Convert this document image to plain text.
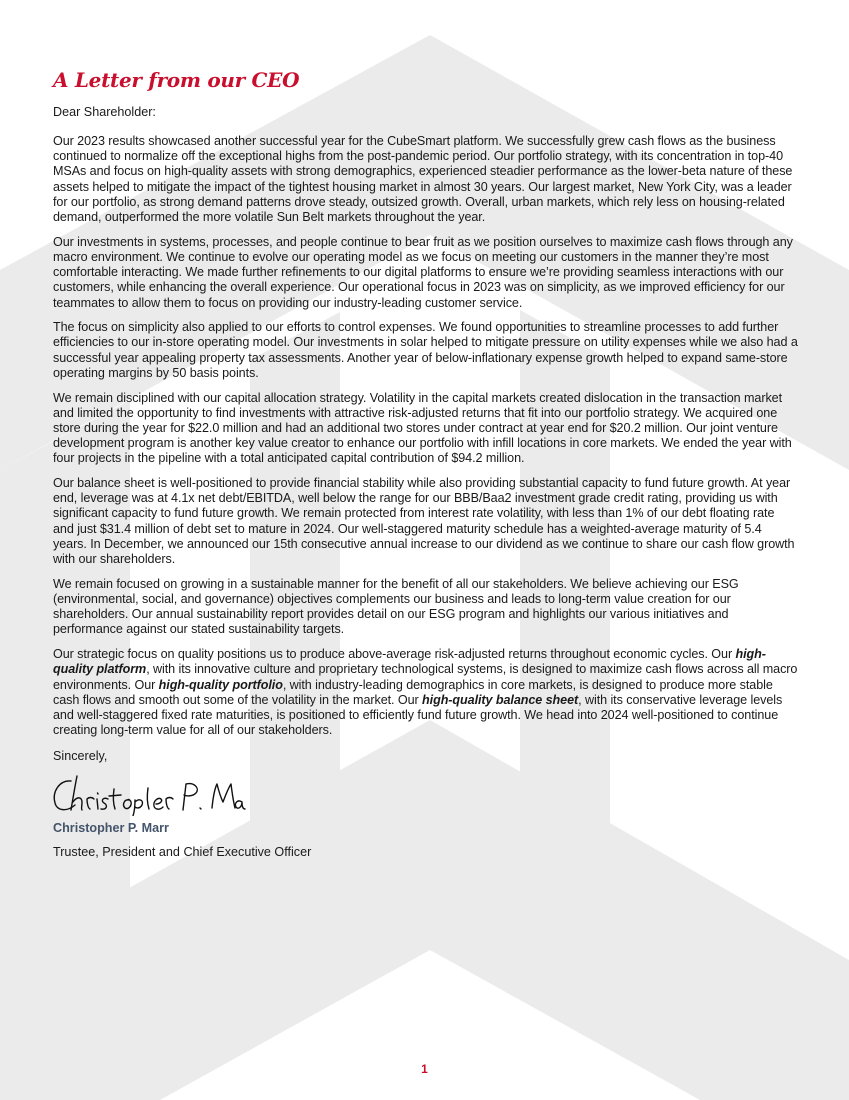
A Letter from our CEO

Dear Shareholder:

Our 2023 results showcased another successful year for the CubeSmart platform. We successfully grew cash flows as the business continued to normalize off the exceptional highs from the post-pandemic period. Our portfolio strategy, with its concentration in top-40 MSAs and focus on high-quality assets with strong demographics, experienced steadier performance as the lower-beta nature of these assets helped to mitigate the impact of the tightest housing market in almost 30 years. Our largest market, New York City, was a leader for our portfolio, as strong demand patterns drove steady, outsized growth. Overall, urban markets, which rely less on housing-related demand, outperformed the more volatile Sun Belt markets throughout the year.

Our investments in systems, processes, and people continue to bear fruit as we position ourselves to maximize cash flows through any macro environment. We continue to evolve our operating model as we focus on meeting our customers in the manner they’re most comfortable interacting. We made further refinements to our digital platforms to ensure we’re providing seamless interactions with our customers, while enhancing the overall experience. Our operational focus in 2023 was on simplicity, as we improved efficiency for our teammates to allow them to focus on providing our industry-leading customer service.

The focus on simplicity also applied to our efforts to control expenses. We found opportunities to streamline processes to add further efficiencies to our in-store operating model. Our investments in solar helped to mitigate pressure on utility expenses while we also had a successful year appealing property tax assessments. Another year of below-inflationary expense growth helped to expand same-store operating margins by 50 basis points.

We remain disciplined with our capital allocation strategy. Volatility in the capital markets created dislocation in the transaction market and limited the opportunity to find investments with attractive risk-adjusted returns that fit into our portfolio strategy. We acquired one store during the year for $22.0 million and had an additional two stores under contract at year end for $20.2 million. Our joint venture development program is another key value creator to enhance our portfolio with infill locations in core markets. We ended the year with four projects in the pipeline with a total anticipated capital contribution of $94.2 million.

Our balance sheet is well-positioned to provide financial stability while also providing substantial capacity to fund future growth. At year end, leverage was at 4.1x net debt/EBITDA, well below the range for our BBB/Baa2 investment grade credit rating, providing us with significant capacity to fund future growth. We remain protected from interest rate volatility, with less than 1% of our debt floating rate and just $31.4 million of debt set to mature in 2024. Our well-staggered maturity schedule has a weighted-average maturity of 5.4 years. In December, we announced our 15th consecutive annual increase to our dividend as we continue to share our cash flow growth with our shareholders.

We remain focused on growing in a sustainable manner for the benefit of all our stakeholders. We believe achieving our ESG (environmental, social, and governance) objectives complements our business and leads to long-term value creation for our shareholders. Our annual sustainability report provides detail on our ESG program and highlights our various initiatives and performance against our stated sustainability targets.

Our strategic focus on quality positions us to produce above-average risk-adjusted returns throughout economic cycles. Our high-quality platform, with its innovative culture and proprietary technological systems, is designed to maximize cash flows across all macro environments. Our high-quality portfolio, with industry-leading demographics in core markets, is designed to produce more stable cash flows and smooth out some of the volatility in the market. Our high-quality balance sheet, with its conservative leverage levels and well-staggered fixed rate maturities, is positioned to efficiently fund future growth. We head into 2024 well-positioned to continue creating long-term value for all of our stakeholders.

Sincerely,

Christopher P. Marr

Trustee, President and Chief Executive Officer

1
